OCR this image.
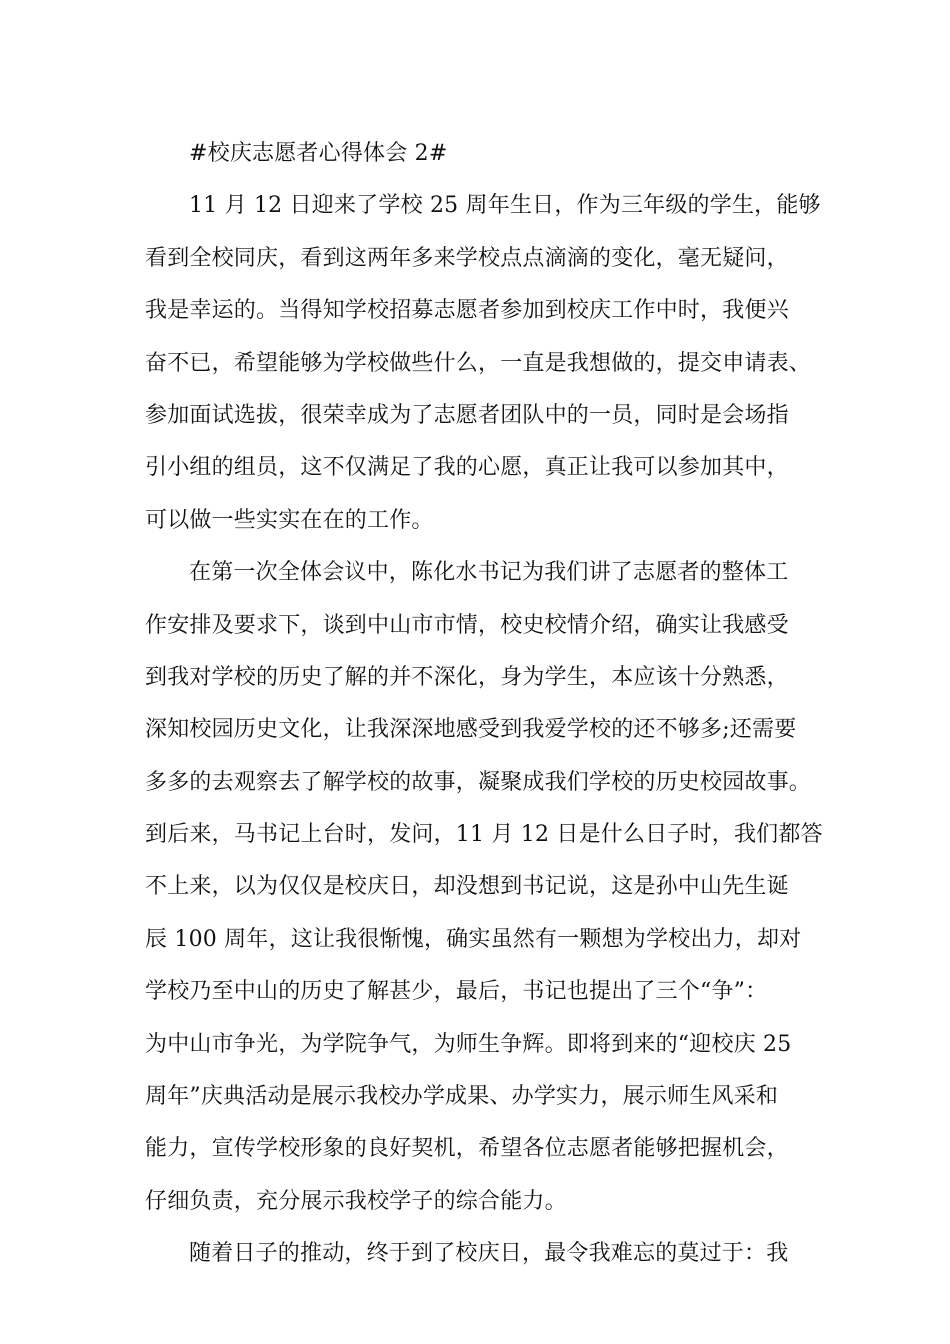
#校庆志愿者心得体会 2#
11 月 12 日迎来了学校 25 周年生日，作为三年级的学生，能够
看到全校同庆，看到这两年多来学校点点滴滴的变化，毫无疑问，
我是幸运的。当得知学校招募志愿者参加到校庆工作中时，我便兴
奋不已，希望能够为学校做些什么，一直是我想做的，提交申请表、
参加面试选拔，很荣幸成为了志愿者团队中的一员，同时是会场指
引小组的组员，这不仅满足了我的心愿，真正让我可以参加其中，
可以做一些实实在在的工作。
在第一次全体会议中，陈化水书记为我们讲了志愿者的整体工
作安排及要求下，谈到中山市市情，校史校情介绍，确实让我感受
到我对学校的历史了解的并不深化，身为学生，本应该十分熟悉，
深知校园历史文化，让我深深地感受到我爱学校的还不够多;还需要
多多的去观察去了解学校的故事，凝聚成我们学校的历史校园故事。
到后来，马书记上台时，发问，11 月 12 日是什么日子时，我们都答
不上来，以为仅仅是校庆日，却没想到书记说，这是孙中山先生诞
辰 100 周年，这让我很惭愧，确实虽然有一颗想为学校出力，却对
学校乃至中山的历史了解甚少，最后，书记也提出了三个“争”：
为中山市争光，为学院争气，为师生争辉。即将到来的“迎校庆 25
周年”庆典活动是展示我校办学成果、办学实力，展示师生风采和
能力，宣传学校形象的良好契机，希望各位志愿者能够把握机会，
仔细负责，充分展示我校学子的综合能力。
随着日子的推动，终于到了校庆日，最令我难忘的莫过于：我
